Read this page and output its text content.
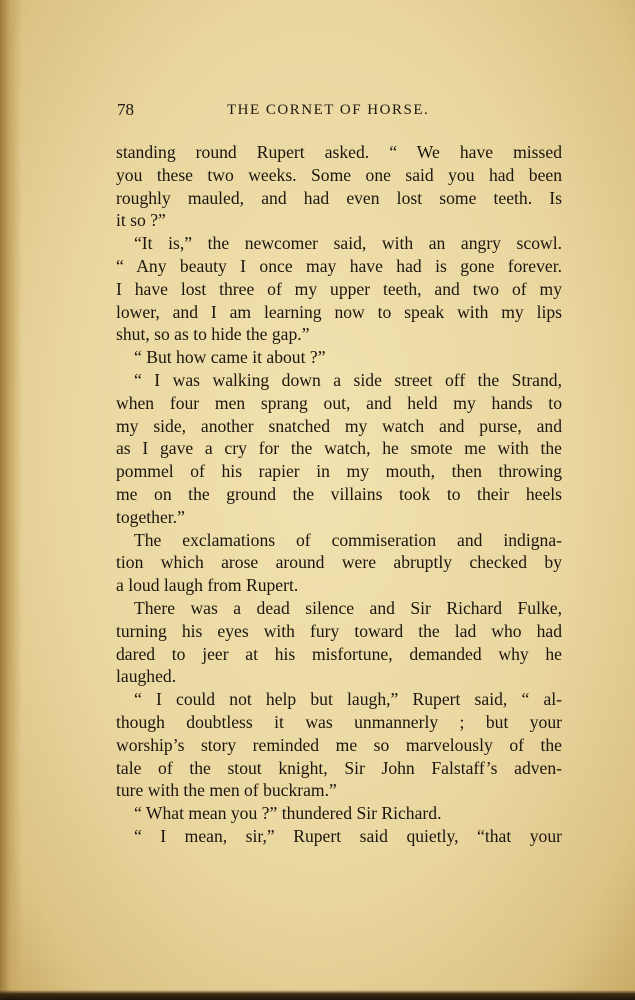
78	THE CORNET OF HORSE.
standing round Rupert asked. “ We have missed
you these two weeks. Some one said you had been
roughly mauled, and had even lost some teeth. Is
it so ?”
“It is,” the newcomer said, with an angry scowl.
“ Any beauty I once may have had is gone forever.
I have lost three of my upper teeth, and two of my
lower, and I am learning now to speak with my lips
shut, so as to hide the gap.”
“ But how came it about ?”
“ I was walking down a side street off the Strand,
when four men sprang out, and held my hands to
my side, another snatched my watch and purse, and
as I gave a cry for the watch, he smote me with the
pommel of his rapier in my mouth, then throwing
me on the ground the villains took to their heels
together.”
The exclamations of commiseration and indigna-
tion which arose around were abruptly checked by
a loud laugh from Rupert.
There was a dead silence and Sir Richard Fulke,
turning his eyes with fury toward the lad who had
dared to jeer at his misfortune, demanded why he
laughed.
“ I could not help but laugh,” Rupert said, “ al-
though doubtless it was unmannerly ; but your
worship’s story reminded me so marvelously of the
tale of the stout knight, Sir John Falstaff’s adven-
ture with the men of buckram.”
“ What mean you ?” thundered Sir Richard.
“ I mean, sir,” Rupert said quietly, “that your
